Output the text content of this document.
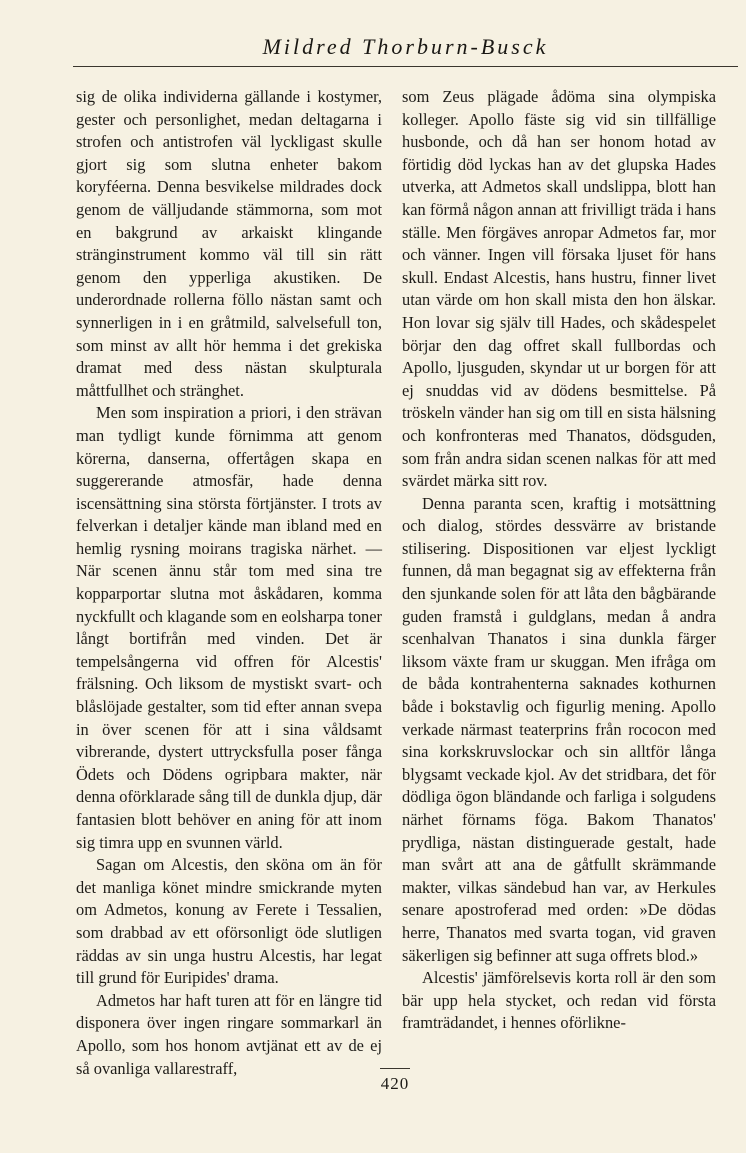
Mildred Thorburn-Busck

sig de olika individerna gällande i kostymer, gester och personlighet, medan deltagarna i strofen och antistrofen väl lyckligast skulle gjort sig som slutna enheter bakom koryféerna. Denna besvikelse mildrades dock genom de välljudande stämmorna, som mot en bakgrund av arkaiskt klingande stränginstrument kommo väl till sin rätt genom den ypperliga akustiken. De underordnade rollerna föllo nästan samt och synnerligen in i en gråtmild, salvelsefull ton, som minst av allt hör hemma i det grekiska dramat med dess nästan skulpturala måttfullhet och stränghet.

Men som inspiration a priori, i den strävan man tydligt kunde förnimma att genom körerna, danserna, offertågen skapa en suggererande atmosfär, hade denna iscensättning sina största förtjänster. I trots av felverkan i detaljer kände man ibland med en hemlig rysning moirans tragiska närhet. — När scenen ännu står tom med sina tre kopparportar slutna mot åskådaren, komma nyckfullt och klagande som en eolsharpa toner långt bortifrån med vinden. Det är tempelsångerna vid offren för Alcestis' frälsning. Och liksom de mystiskt svart- och blåslöjade gestalter, som tid efter annan svepa in över scenen för att i sina våldsamt vibrerande, dystert uttrycksfulla poser fånga Ödets och Dödens ogripbara makter, när denna oförklarade sång till de dunkla djup, där fantasien blott behöver en aning för att inom sig timra upp en svunnen värld.

Sagan om Alcestis, den sköna om än för det manliga könet mindre smickrande myten om Admetos, konung av Ferete i Tessalien, som drabbad av ett oförsonligt öde slutligen räddas av sin unga hustru Alcestis, har legat till grund för Euripides' drama.

Admetos har haft turen att för en längre tid disponera över ingen ringare sommarkarl än Apollo, som hos honom avtjänat ett av de ej så ovanliga vallarestraff,

som Zeus plägade ådöma sina olympiska kolleger. Apollo fäste sig vid sin tillfällige husbonde, och då han ser honom hotad av förtidig död lyckas han av det glupska Hades utverka, att Admetos skall undslippa, blott han kan förmå någon annan att frivilligt träda i hans ställe. Men förgäves anropar Admetos far, mor och vänner. Ingen vill försaka ljuset för hans skull. Endast Alcestis, hans hustru, finner livet utan värde om hon skall mista den hon älskar. Hon lovar sig själv till Hades, och skådespelet börjar den dag offret skall fullbordas och Apollo, ljusguden, skyndar ut ur borgen för att ej snuddas vid av dödens besmittelse. På tröskeln vänder han sig om till en sista hälsning och konfronteras med Thanatos, dödsguden, som från andra sidan scenen nalkas för att med svärdet märka sitt rov.

Denna paranta scen, kraftig i motsättning och dialog, stördes dessvärre av bristande stilisering. Dispositionen var eljest lyckligt funnen, då man begagnat sig av effekterna från den sjunkande solen för att låta den bågbärande guden framstå i guldglans, medan å andra scenhalvan Thanatos i sina dunkla färger liksom växte fram ur skuggan. Men ifråga om de båda kontrahenterna saknades kothurnen både i bokstavlig och figurlig mening. Apollo verkade närmast teaterprins från rococon med sina korkskruvslockar och sin alltför långa blygsamt veckade kjol. Av det stridbara, det för dödliga ögon bländande och farliga i solgudens närhet förnams föga. Bakom Thanatos' prydliga, nästan distinguerade gestalt, hade man svårt att ana de gåtfullt skrämmande makter, vilkas sändebud han var, av Herkules senare apostroferad med orden: »De dödas herre, Thanatos med svarta togan, vid graven säkerligen sig befinner att suga offrets blod.»

Alcestis' jämförelsevis korta roll är den som bär upp hela stycket, och redan vid första framträdandet, i hennes oförlikne-

420
